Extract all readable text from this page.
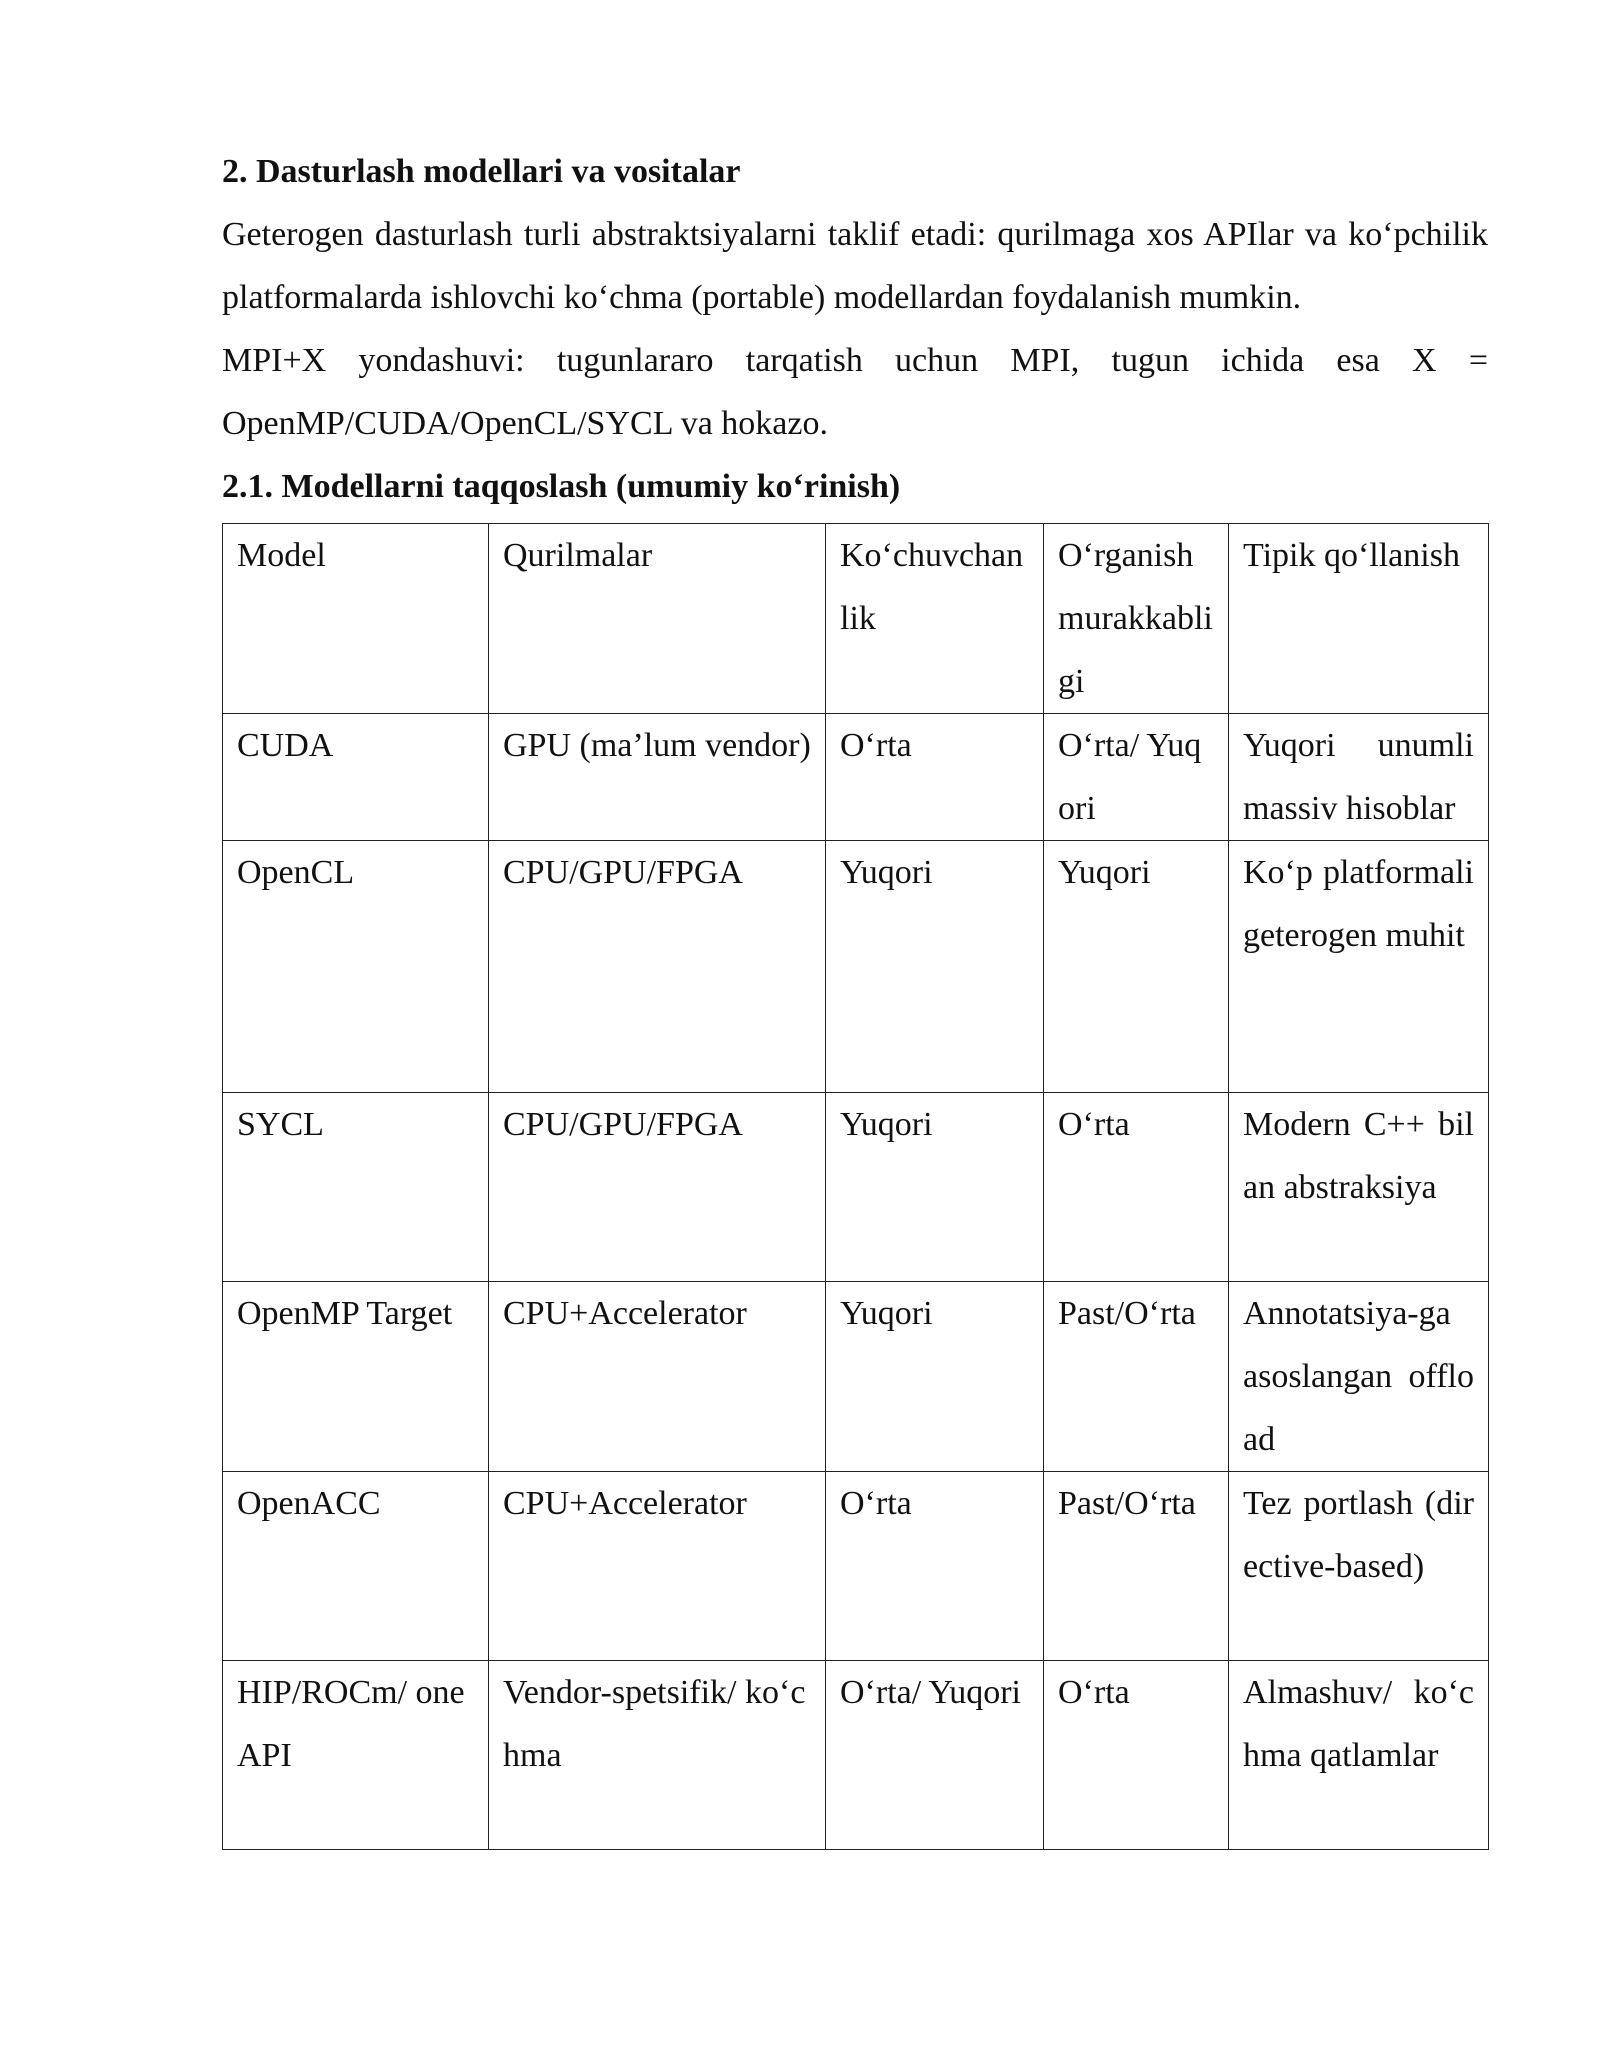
2. Dasturlash modellari va vositalar

Geterogen dasturlash turli abstraktsiyalarni taklif etadi: qurilmaga xos APIlar va ko‘pchilik platformalarda ishlovchi ko‘chma (portable) modellardan foydalanish mumkin.

MPI+X yondashuvi: tugunlararo tarqatish uchun MPI, tugun ichida esa X = OpenMP/CUDA/OpenCL/SYCL va hokazo.

2.1. Modellarni taqqoslash (umumiy ko‘rinish)

Model	Qurilmalar	Ko‘chuvchanlik	O‘rganish murakkabligi	Tipik qo‘llanish
CUDA	GPU (ma’lum vendor)	O‘rta	O‘rta/ Yuqori	Yuqori unumli massiv hisoblar
OpenCL	CPU/GPU/FPGA	Yuqori	Yuqori	Ko‘p platformali geterogen muhit
SYCL	CPU/GPU/FPGA	Yuqori	O‘rta	Modern C++ bilan abstraksiya
OpenMP Target	CPU+Accelerator	Yuqori	Past/O‘rta	Annotatsiya-ga asoslangan offload
OpenACC	CPU+Accelerator	O‘rta	Past/O‘rta	Tez portlash (directive-based)
HIP/ROCm/ oneAPI	Vendor-spetsifik/ ko‘chma	O‘rta/ Yuqori	O‘rta	Almashuv/ ko‘chma qatlamlar
